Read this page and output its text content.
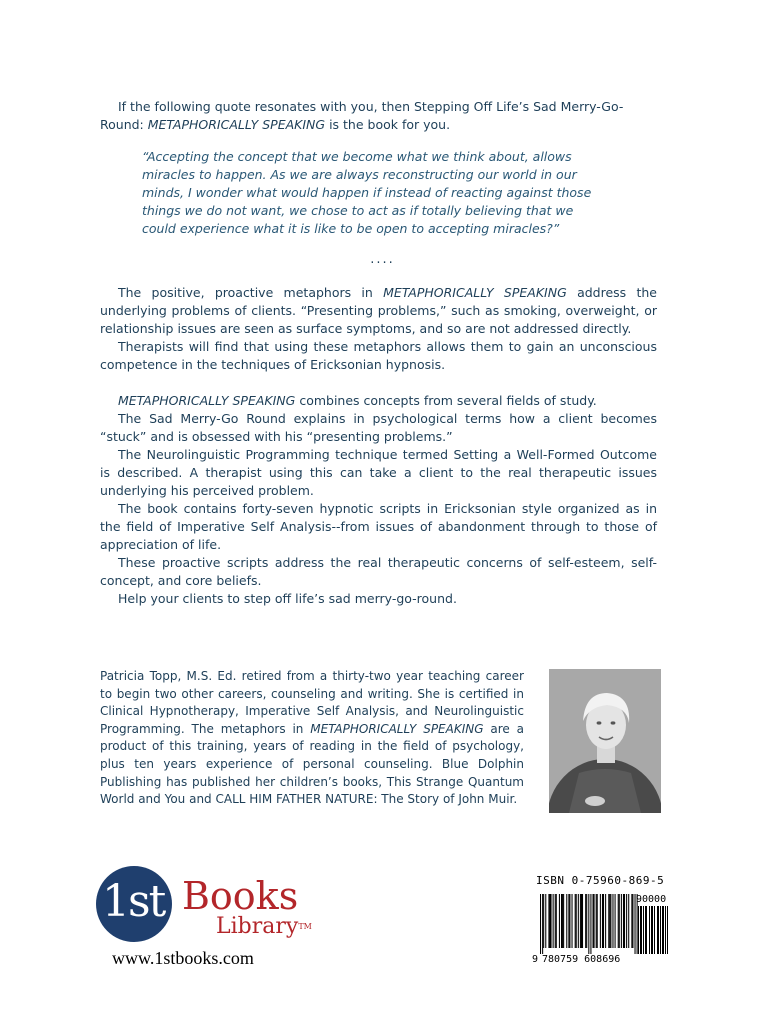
If the following quote resonates with you, then Stepping Off Life’s Sad Merry-Go-
Round: METAPHORICALLY SPEAKING is the book for you.

“Accepting the concept that we become what we think about, allows
miracles to happen. As we are always reconstructing our world in our
minds, I wonder what would happen if instead of reacting against those
things we do not want, we chose to act as if totally believing that we
could experience what it is like to be open to accepting miracles?”

....

The positive, proactive metaphors in METAPHORICALLY SPEAKING address the underlying problems of clients. “Presenting problems,” such as smoking, overweight, or relationship issues are seen as surface symptoms, and so are not addressed directly.

Therapists will find that using these metaphors allows them to gain an unconscious competence in the techniques of Ericksonian hypnosis.

METAPHORICALLY SPEAKING combines concepts from several fields of study.

The Sad Merry-Go Round explains in psychological terms how a client becomes “stuck” and is obsessed with his “presenting problems.”

The Neurolinguistic Programming technique termed Setting a Well-Formed Outcome is described. A therapist using this can take a client to the real therapeutic issues underlying his perceived problem.

The book contains forty-seven hypnotic scripts in Ericksonian style organized as in the field of Imperative Self Analysis--from issues of abandonment through to those of appreciation of life.

These proactive scripts address the real therapeutic concerns of self-esteem, self-concept, and core beliefs.

Help your clients to step off life’s sad merry-go-round.

Patricia Topp, M.S. Ed. retired from a thirty-two year teaching career to begin two other careers, counseling and writing. She is certified in Clinical Hypnotherapy, Imperative Self Analysis, and Neurolinguistic Programming. The metaphors in METAPHORICALLY SPEAKING are a product of this training, years of reading in the field of psychology, plus ten years experience of personal counseling. Blue Dolphin Publishing has published her children’s books, This Strange Quantum World and You and CALL HIM FATHER NATURE: The Story of John Muir.

1st Books
Library™
www.1stbooks.com
ISBN 0-75960-869-5
90000
9 780759 608696
